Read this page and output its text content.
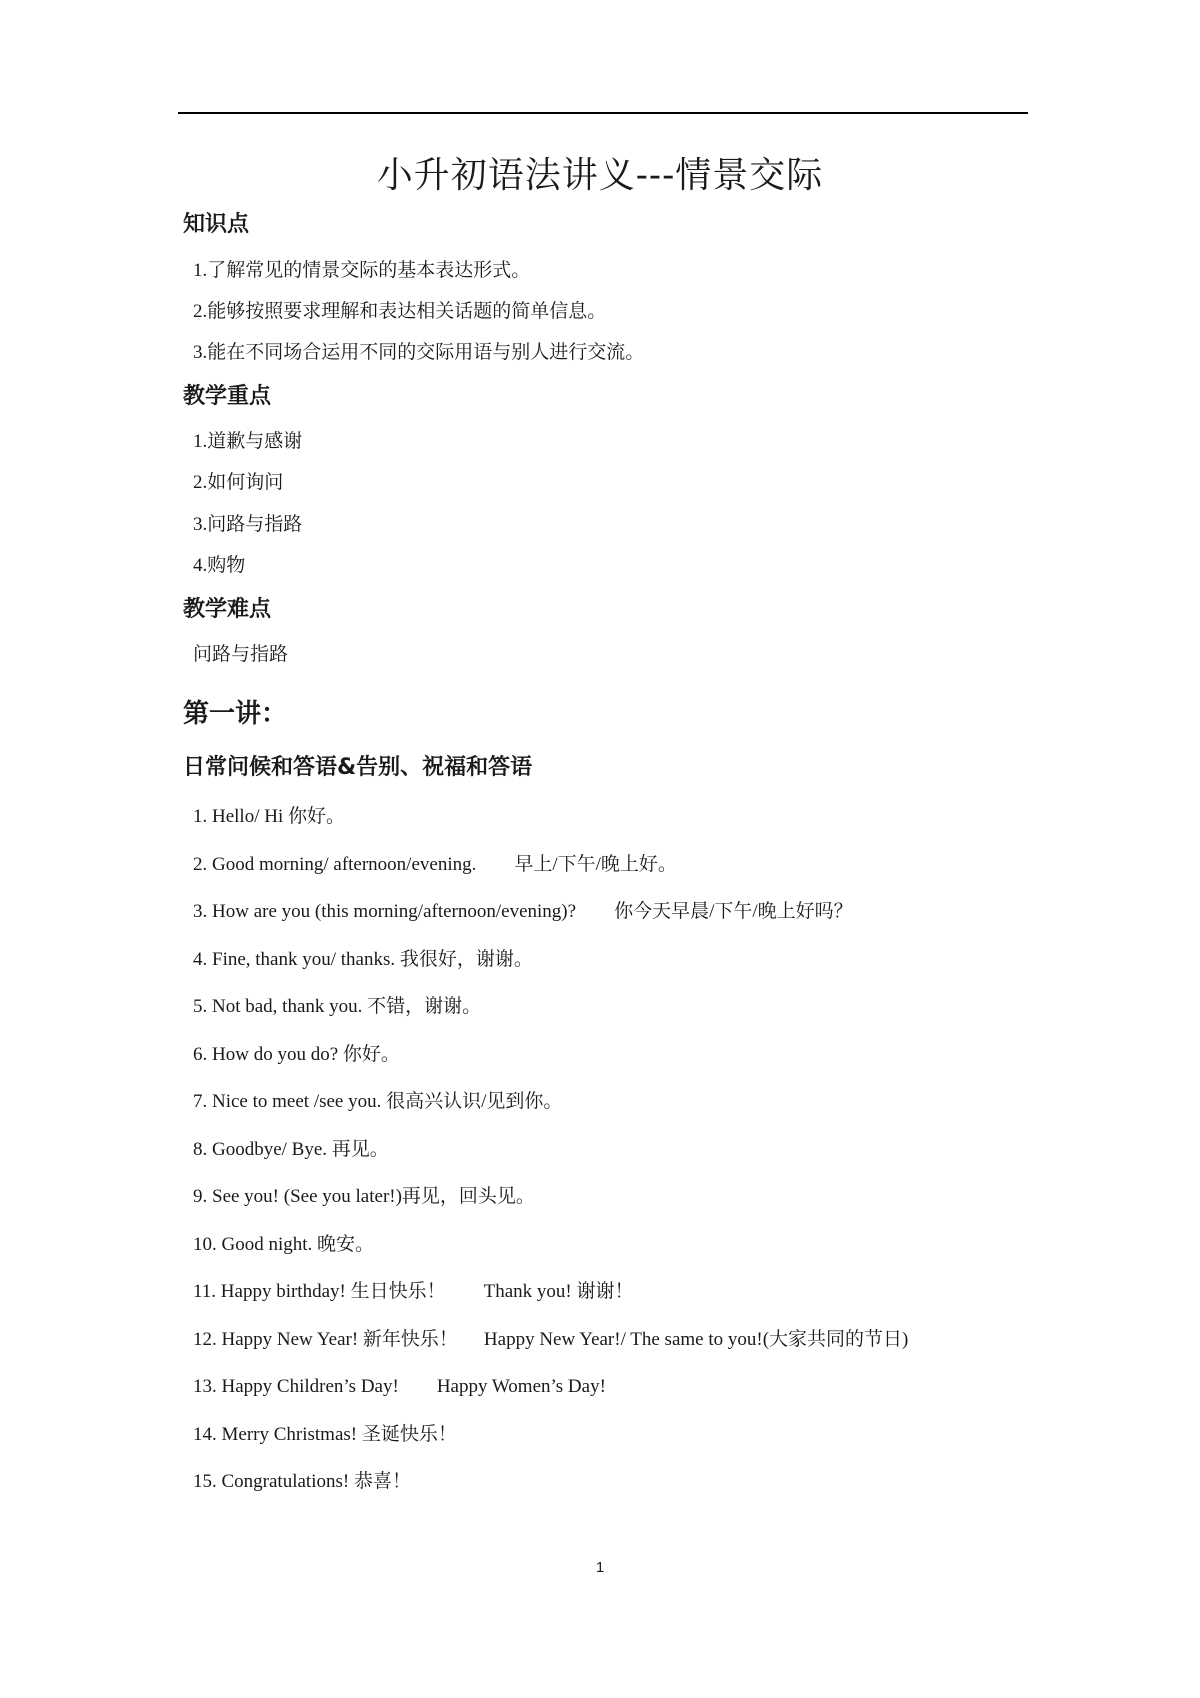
小升初语法讲义---情景交际
知识点
1.了解常见的情景交际的基本表达形式。
2.能够按照要求理解和表达相关话题的简单信息。
3.能在不同场合运用不同的交际用语与别人进行交流。
教学重点
1.道歉与感谢
2.如何询问
3.问路与指路
4.购物
教学难点
问路与指路
第一讲：
日常问候和答语&告别、祝福和答语
1. Hello/ Hi 你好。
2. Good morning/ afternoon/evening. 早上/下午/晚上好。
3. How are you (this morning/afternoon/evening)? 你今天早晨/下午/晚上好吗？
4. Fine, thank you/ thanks. 我很好，谢谢。
5. Not bad, thank you. 不错，谢谢。
6. How do you do? 你好。
7. Nice to meet /see you. 很高兴认识/见到你。
8. Goodbye/ Bye. 再见。
9. See you! (See you later!)再见，回头见。
10. Good night. 晚安。
11. Happy birthday! 生日快乐！ Thank you! 谢谢！
12. Happy New Year! 新年快乐！ Happy New Year!/ The same to you!(大家共同的节日)
13. Happy Children’s Day! Happy Women’s Day!
14. Merry Christmas! 圣诞快乐！
15. Congratulations! 恭喜！
1
